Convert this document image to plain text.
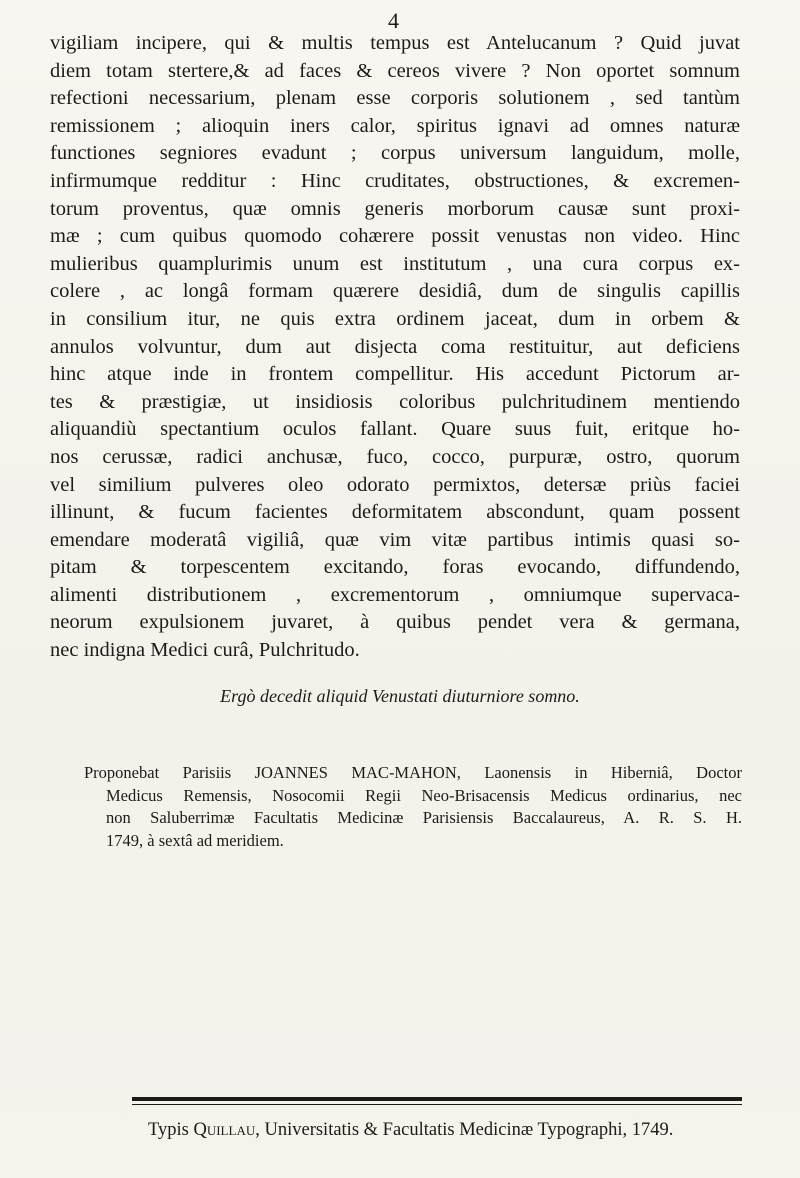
4
vigiliam incipere, qui & multis tempus est Antelucanum ? Quid juvat
diem totam stertere,& ad faces & cereos vivere ? Non oportet somnum
refectioni necessarium, plenam esse corporis solutionem , sed tantùm
remissionem ; alioquin iners calor, spiritus ignavi ad omnes naturæ
functiones segniores evadunt ; corpus universum languidum, molle,
infirmumque redditur : Hinc cruditates, obstructiones, & excremen-
torum proventus, quæ omnis generis morborum causæ sunt proxi-
mæ ; cum quibus quomodo cohærere possit venustas non video. Hinc
mulieribus quamplurimis unum est institutum , una cura corpus ex-
colere , ac longâ formam quærere desidiâ, dum de singulis capillis
in consilium itur, ne quis extra ordinem jaceat, dum in orbem &
annulos volvuntur, dum aut disjecta coma restituitur, aut deficiens
hinc atque inde in frontem compellitur. His accedunt Pictorum ar-
tes & præstigiæ, ut insidiosis coloribus pulchritudinem mentiendo
aliquandiù spectantium oculos fallant. Quare suus fuit, eritque ho-
nos cerussæ, radici anchusæ, fuco, cocco, purpuræ, ostro, quorum
vel similium pulveres oleo odorato permixtos, detersæ priùs faciei
illinunt, & fucum facientes deformitatem abscondunt, quam possent
emendare moderatâ vigiliâ, quæ vim vitæ partibus intimis quasi so-
pitam & torpescentem excitando, foras evocando, diffundendo,
alimenti distributionem , excrementorum , omniumque supervaca-
neorum expulsionem juvaret, à quibus pendet vera & germana,
nec indigna Medici curâ, Pulchritudo.
Ergò decedit aliquid Venustati diuturniore somno.
Proponebat Parisiis JOANNES MAC-MAHON, Laonensis in Hiberniâ, Doctor
Medicus Remensis, Nosocomii Regii Neo-Brisacensis Medicus ordinarius, nec
non Saluberrimæ Facultatis Medicinæ Parisiensis Baccalaureus, A. R. S. H.
1749, à sextâ ad meridiem.
Typis Quillau, Universitatis & Facultatis Medicinæ Typographi, 1749.
